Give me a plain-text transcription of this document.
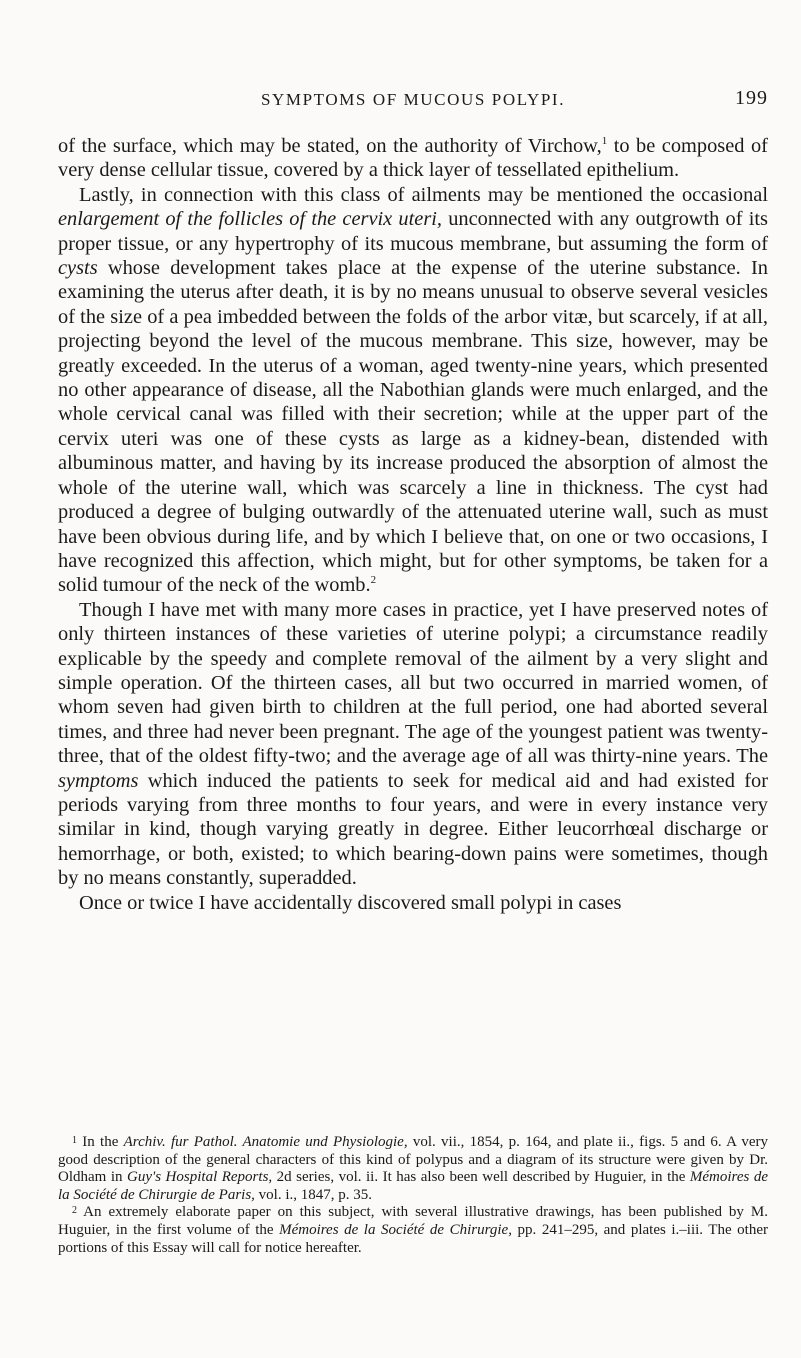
SYMPTOMS OF MUCOUS POLYPI.	199

of the surface, which may be stated, on the authority of Virchow,$^1$ to be composed of very dense cellular tissue, covered by a thick layer of tessellated epithelium.

Lastly, in connection with this class of ailments may be mentioned the occasional enlargement of the follicles of the cervix uteri, unconnected with any outgrowth of its proper tissue, or any hypertrophy of its mucous membrane, but assuming the form of cysts whose development takes place at the expense of the uterine substance. In examining the uterus after death, it is by no means unusual to observe several vesicles of the size of a pea imbedded between the folds of the arbor vitæ, but scarcely, if at all, projecting beyond the level of the mucous membrane. This size, however, may be greatly exceeded. In the uterus of a woman, aged twenty-nine years, which presented no other appearance of disease, all the Nabothian glands were much enlarged, and the whole cervical canal was filled with their secretion; while at the upper part of the cervix uteri was one of these cysts as large as a kidney-bean, distended with albuminous matter, and having by its increase produced the absorption of almost the whole of the uterine wall, which was scarcely a line in thickness. The cyst had produced a degree of bulging outwardly of the attenuated uterine wall, such as must have been obvious during life, and by which I believe that, on one or two occasions, I have recognized this affection, which might, but for other symptoms, be taken for a solid tumour of the neck of the womb.$^2$

Though I have met with many more cases in practice, yet I have preserved notes of only thirteen instances of these varieties of uterine polypi; a circumstance readily explicable by the speedy and complete removal of the ailment by a very slight and simple operation. Of the thirteen cases, all but two occurred in married women, of whom seven had given birth to children at the full period, one had aborted several times, and three had never been pregnant. The age of the youngest patient was twenty-three, that of the oldest fifty-two; and the average age of all was thirty-nine years. The symptoms which induced the patients to seek for medical aid and had existed for periods varying from three months to four years, and were in every instance very similar in kind, though varying greatly in degree. Either leucorrhœal discharge or hemorrhage, or both, existed; to which bearing-down pains were sometimes, though by no means constantly, superadded.

Once or twice I have accidentally discovered small polypi in cases

$^1$ In the Archiv. fur Pathol. Anatomie und Physiologie, vol. vii., 1854, p. 164, and plate ii., figs. 5 and 6. A very good description of the general characters of this kind of polypus and a diagram of its structure were given by Dr. Oldham in Guy's Hospital Reports, 2d series, vol. ii. It has also been well described by Huguier, in the Mémoires de la Société de Chirurgie de Paris, vol. i., 1847, p. 35.

$^2$ An extremely elaborate paper on this subject, with several illustrative drawings, has been published by M. Huguier, in the first volume of the Mémoires de la Société de Chirurgie, pp. 241–295, and plates i.–iii. The other portions of this Essay will call for notice hereafter.
